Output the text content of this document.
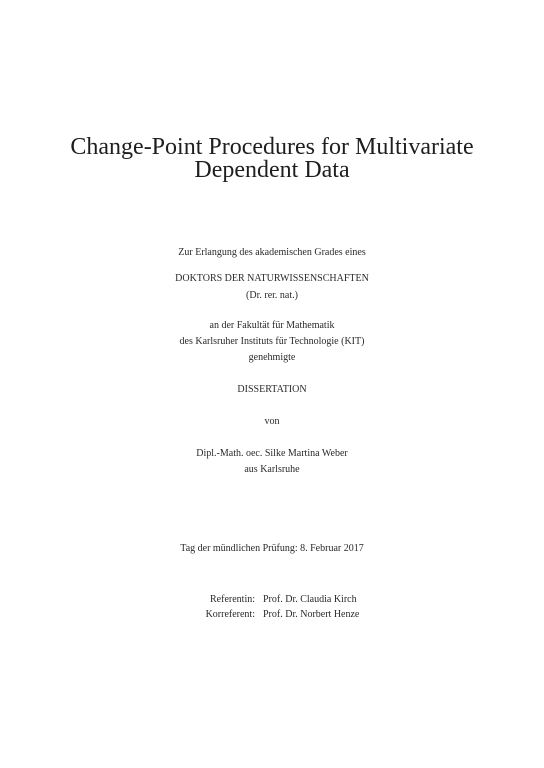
Change-Point Procedures for Multivariate
Dependent Data
Zur Erlangung des akademischen Grades eines
DOKTORS DER NATURWISSENSCHAFTEN
(Dr. rer. nat.)
an der Fakultät für Mathematik
des Karlsruher Instituts für Technologie (KIT)
genehmigte
DISSERTATION
von
Dipl.-Math. oec. Silke Martina Weber
aus Karlsruhe
Tag der mündlichen Prüfung: 8. Februar 2017
Referentin: Prof. Dr. Claudia Kirch
Korreferent: Prof. Dr. Norbert Henze
